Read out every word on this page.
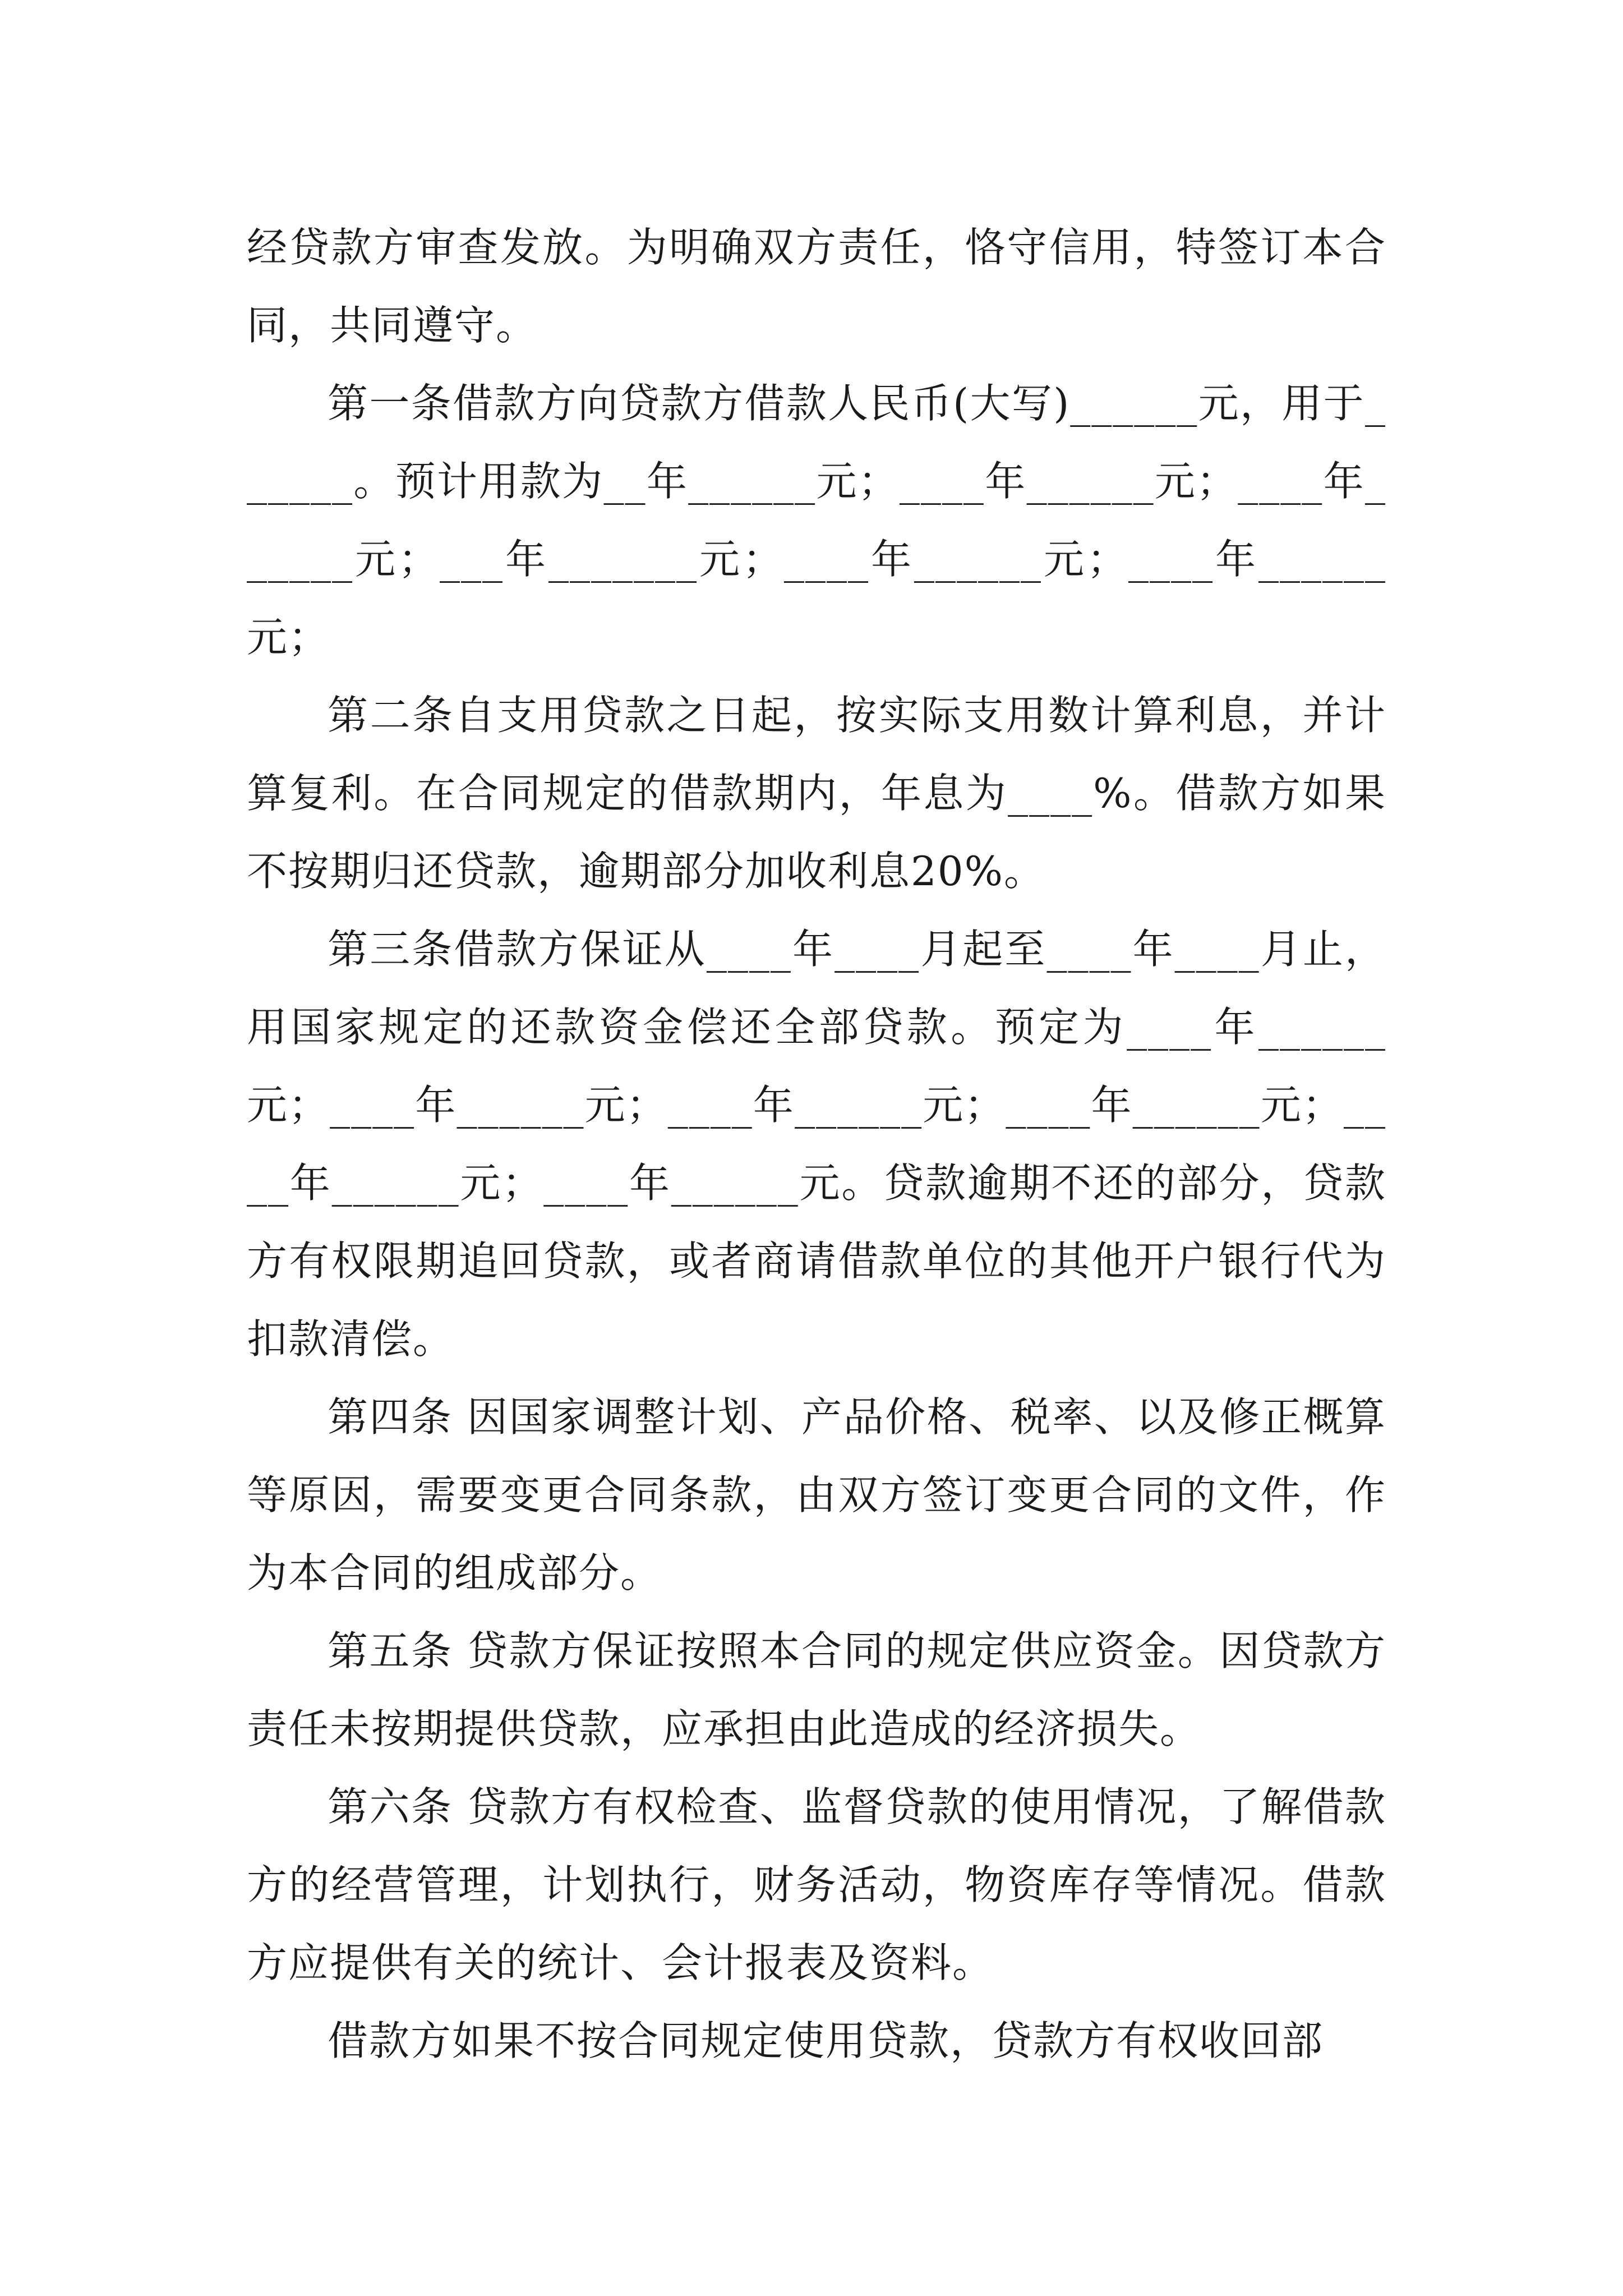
经贷款方审查发放。为明确双方责任，恪守信用，特签订本合同，共同遵守。

第一条借款方向贷款方借款人民币(大写)______元，用于______。预计用款为__年______元；____年______元；____年______元；___年_______元；____年______元；____年______元；

第二条自支用贷款之日起，按实际支用数计算利息，并计算复利。在合同规定的借款期内，年息为____%。借款方如果不按期归还贷款，逾期部分加收利息20%。

第三条借款方保证从____年____月起至____年____月止，用国家规定的还款资金偿还全部贷款。预定为____年______元；____年______元；____年______元；____年______元；____年______元；____年______元。贷款逾期不还的部分，贷款方有权限期追回贷款，或者商请借款单位的其他开户银行代为扣款清偿。

第四条 因国家调整计划、产品价格、税率、以及修正概算等原因，需要变更合同条款，由双方签订变更合同的文件，作为本合同的组成部分。

第五条 贷款方保证按照本合同的规定供应资金。因贷款方责任未按期提供贷款，应承担由此造成的经济损失。

第六条 贷款方有权检查、监督贷款的使用情况，了解借款方的经营管理，计划执行，财务活动，物资库存等情况。借款方应提供有关的统计、会计报表及资料。

借款方如果不按合同规定使用贷款，贷款方有权收回部
